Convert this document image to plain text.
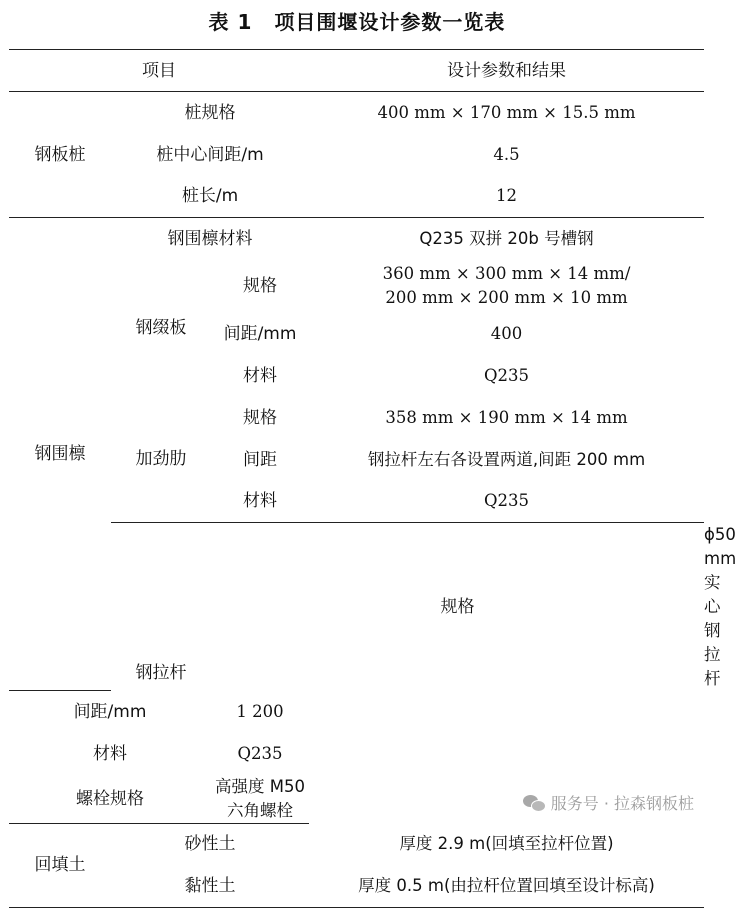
表 1 项目围堰设计参数一览表
项目			设计参数和结果	
钢板桩	桩规格		400 mm × 170 mm × 15.5 mm	
	桩中心间距/m		4.5	
	桩长/m		12	
钢围檩	钢围檩材料		Q235 双拼 20b 号槽钢	
	钢缀板	规格	360 mm × 300 mm × 14 mm/
200 mm × 200 mm × 10 mm	

		间距/mm	400	
		材料	Q235	
	加劲肋	规格	358 mm × 190 mm × 14 mm	
		间距	钢拉杆左右各设置两道,间距 200 mm	
		材料	Q235	
	钢拉杆	规格		ϕ50 mm 实心钢拉杆
间距/mm		1 200		
材料		Q235		
螺栓规格		高强度 M50 六角螺栓		
回填土	砂性土		厚度 2.9 m(回填至拉杆位置)	
	黏性土		厚度 0.5 m(由拉杆位置回填至设计标高)	
服务号 · 拉森钢板桩
